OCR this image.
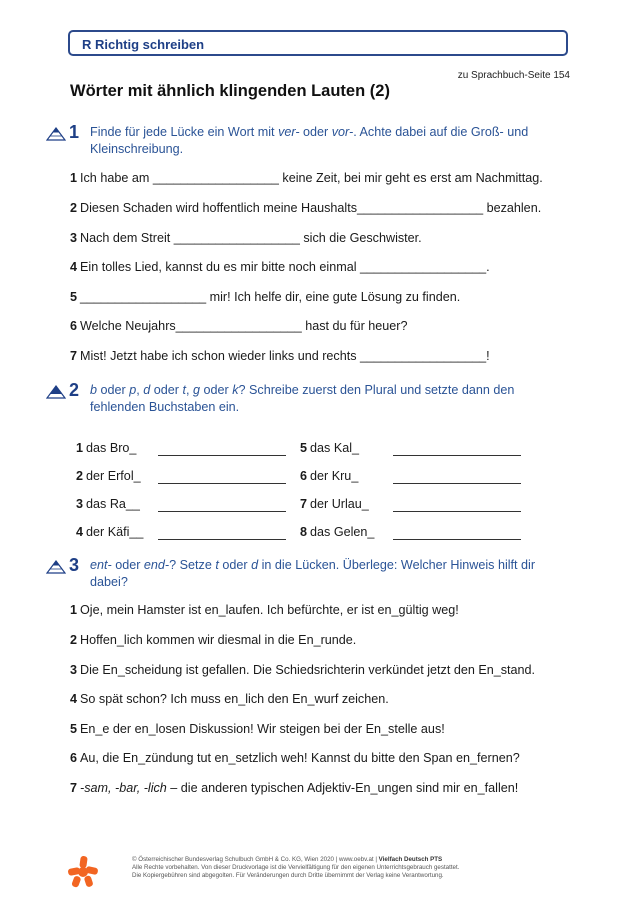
R Richtig schreiben
zu Sprachbuch-Seite 154
Wörter mit ähnlich klingenden Lauten (2)
1 Finde für jede Lücke ein Wort mit ver- oder vor-. Achte dabei auf die Groß- und Kleinschreibung.
1 Ich habe am __________________ keine Zeit, bei mir geht es erst am Nachmittag.
2 Diesen Schaden wird hoffentlich meine Haushalts__________________ bezahlen.
3 Nach dem Streit __________________ sich die Geschwister.
4 Ein tolles Lied, kannst du es mir bitte noch einmal __________________.
5 __________________ mir! Ich helfe dir, eine gute Lösung zu finden.
6 Welche Neujahrs__________________ hast du für heuer?
7 Mist! Jetzt habe ich schon wieder links und rechts __________________!
2 b oder p, d oder t, g oder k? Schreibe zuerst den Plural und setzte dann den fehlenden Buchstaben ein.
1 das Bro_	5 das Kal_
2 der Erfol_	6 der Kru_
3 das Ra__	7 der Urlau_
4 der Käfi__	8 das Gelen_
3 ent- oder end-? Setze t oder d in die Lücken. Überlege: Welcher Hinweis hilft dir dabei?
1 Oje, mein Hamster ist en_laufen. Ich befürchte, er ist en_gültig weg!
2 Hoffen_lich kommen wir diesmal in die En_runde.
3 Die En_scheidung ist gefallen. Die Schiedsrichterin verkündet jetzt den En_stand.
4 So spät schon? Ich muss en_lich den En_wurf zeichen.
5 En_e der en_losen Diskussion! Wir steigen bei der En_stelle aus!
6 Au, die En_zündung tut en_setzlich weh! Kannst du bitte den Span en_fernen?
7 -sam, -bar, -lich – die anderen typischen Adjektiv-En_ungen sind mir en_fallen!
© Österreichischer Bundesverlag Schulbuch GmbH & Co. KG, Wien 2020 | www.oebv.at | Vielfach Deutsch PTS
Alle Rechte vorbehalten. Von dieser Druckvorlage ist die Vervielfältigung für den eigenen Unterrichtsgebrauch gestattet.
Die Kopiergebühren sind abgegolten. Für Veränderungen durch Dritte übernimmt der Verlag keine Verantwortung.
